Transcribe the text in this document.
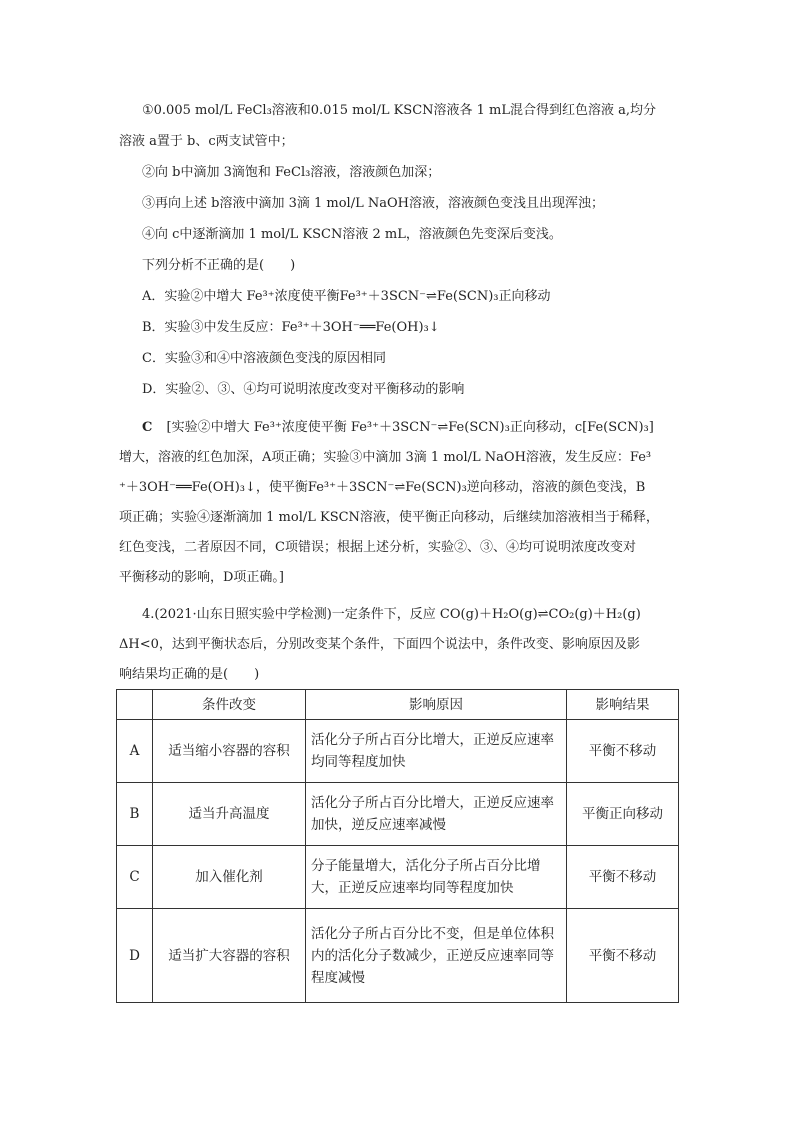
①0.005 mol/L FeCl₃溶液和0.015 mol/L KSCN溶液各 1 mL混合得到红色溶液 a,均分
溶液 a置于 b、c两支试管中；
②向 b中滴加 3滴饱和 FeCl₃溶液，溶液颜色加深；
③再向上述 b溶液中滴加 3滴 1 mol/L NaOH溶液，溶液颜色变浅且出现浑浊；
④向 c中逐渐滴加 1 mol/L KSCN溶液 2 mL，溶液颜色先变深后变浅。
下列分析不正确的是(　　)
A．实验②中增大 Fe³⁺浓度使平衡Fe³⁺＋3SCN⁻⇌Fe(SCN)₃正向移动
B．实验③中发生反应：Fe³⁺＋3OH⁻══Fe(OH)₃↓
C．实验③和④中溶液颜色变浅的原因相同
D．实验②、③、④均可说明浓度改变对平衡移动的影响
C [实验②中增大 Fe³⁺浓度使平衡 Fe³⁺＋3SCN⁻⇌Fe(SCN)₃正向移动，c[Fe(SCN)₃]
增大，溶液的红色加深，A项正确；实验③中滴加 3滴 1 mol/L NaOH溶液，发生反应：Fe³
⁺＋3OH⁻══Fe(OH)₃↓，使平衡Fe³⁺＋3SCN⁻⇌Fe(SCN)₃逆向移动，溶液的颜色变浅，B
项正确；实验④逐渐滴加 1 mol/L KSCN溶液，使平衡正向移动，后继续加溶液相当于稀释，
红色变浅，二者原因不同，C项错误；根据上述分析，实验②、③、④均可说明浓度改变对
平衡移动的影响，D项正确。]
4.(2021·山东日照实验中学检测)一定条件下，反应 CO(g)＋H₂O(g)⇌CO₂(g)＋H₂(g)
ΔH<0，达到平衡状态后，分别改变某个条件，下面四个说法中，条件改变、影响原因及影
响结果均正确的是(　　)
	条件改变	影响原因	影响结果
A	适当缩小容器的容积	活化分子所占百分比增大，正逆反应速率均同等程度加快	平衡不移动
B	适当升高温度	活化分子所占百分比增大，正逆反应速率加快，逆反应速率减慢	平衡正向移动
C	加入催化剂	分子能量增大，活化分子所占百分比增大，正逆反应速率均同等程度加快	平衡不移动
D	适当扩大容器的容积	活化分子所占百分比不变，但是单位体积内的活化分子数减少，正逆反应速率同等程度减慢	平衡不移动
